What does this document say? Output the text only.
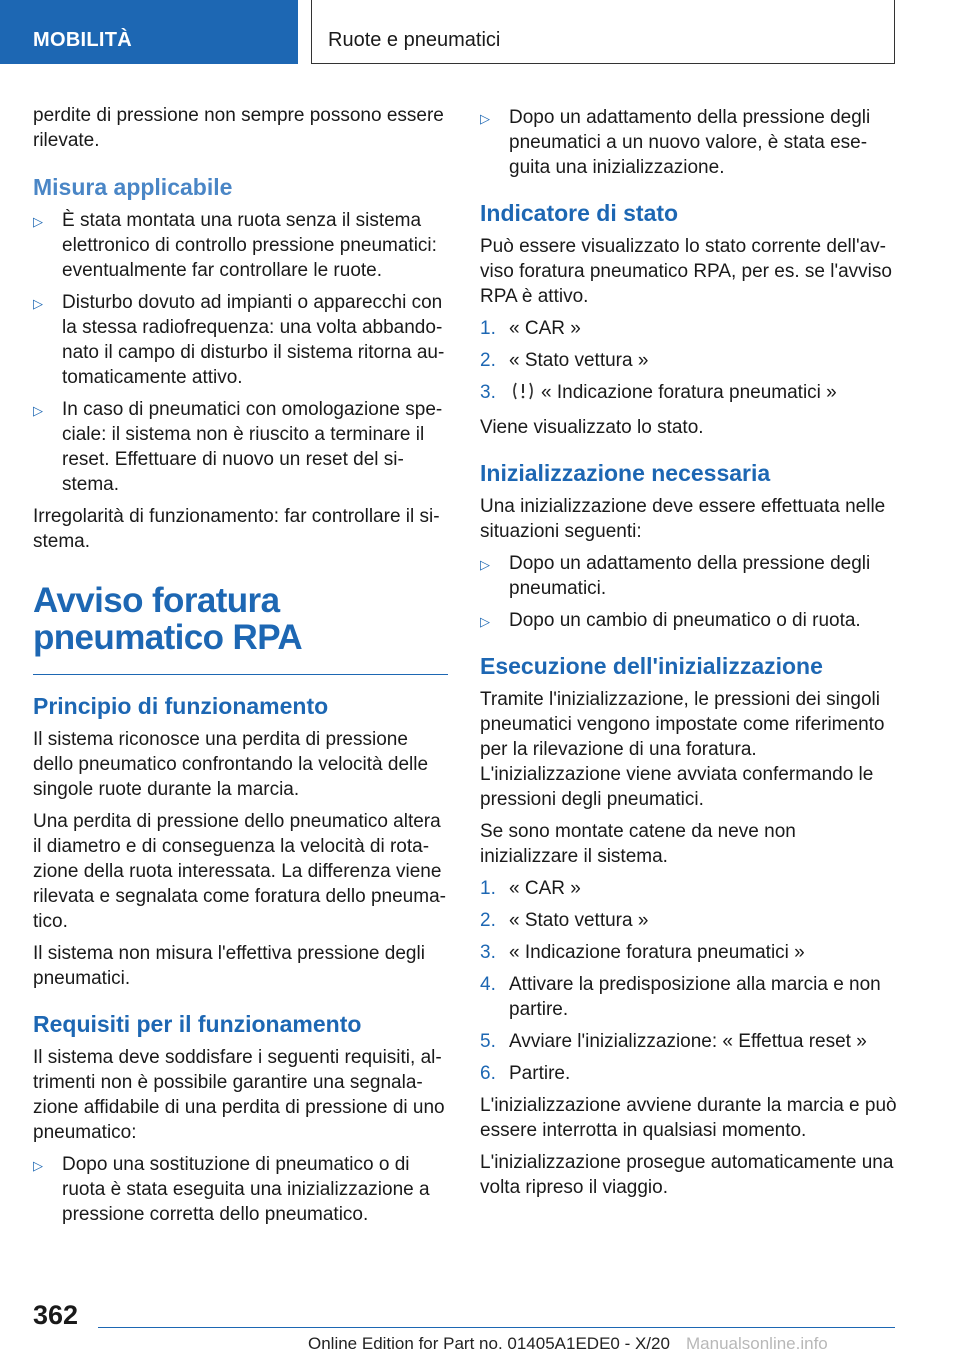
MOBILITÀ	Ruote e pneumatici

perdite di pressione non sempre possono essere rilevate.

Misura applicabile
▷ È stata montata una ruota senza il sistema elettronico di controllo pressione pneumatici: eventualmente far controllare le ruote.
▷ Disturbo dovuto ad impianti o apparecchi con la stessa radiofrequenza: una volta abbandonato il campo di disturbo il sistema ritorna automaticamente attivo.
▷ In caso di pneumatici con omologazione speciale: il sistema non è riuscito a terminare il reset. Effettuare di nuovo un reset del sistema.

Irregolarità di funzionamento: far controllare il sistema.

Avviso foratura pneumatico RPA
Principio di funzionamento

Il sistema riconosce una perdita di pressione dello pneumatico confrontando la velocità delle singole ruote durante la marcia.

Una perdita di pressione dello pneumatico altera il diametro e di conseguenza la velocità di rotazione della ruota interessata. La differenza viene rilevata e segnalata come foratura dello pneumatico.

Il sistema non misura l'effettiva pressione degli pneumatici.

Requisiti per il funzionamento

Il sistema deve soddisfare i seguenti requisiti, altrimenti non è possibile garantire una segnalazione affidabile di una perdita di pressione di uno pneumatico:

▷ Dopo una sostituzione di pneumatico o di ruota è stata eseguita una inizializzazione a pressione corretta dello pneumatico.
▷ Dopo un adattamento della pressione degli pneumatici a un nuovo valore, è stata eseguita una inizializzazione.
Indicatore di stato

Può essere visualizzato lo stato corrente dell'avviso foratura pneumatico RPA, per es. se l'avviso RPA è attivo.

1. « CAR »
2. « Stato vettura »
3. « Indicazione foratura pneumatici »

Viene visualizzato lo stato.

Inizializzazione necessaria

Una inizializzazione deve essere effettuata nelle situazioni seguenti:

▷ Dopo un adattamento della pressione degli pneumatici.
▷ Dopo un cambio di pneumatico o di ruota.
Esecuzione dell'inizializzazione

Tramite l'inizializzazione, le pressioni dei singoli pneumatici vengono impostate come riferimento per la rilevazione di una foratura. L'inizializzazione viene avviata confermando le pressioni degli pneumatici.

Se sono montate catene da neve non inizializzare il sistema.

1. « CAR »
2. « Stato vettura »
3. « Indicazione foratura pneumatici »
4. Attivare la predisposizione alla marcia e non partire.
5. Avviare l'inizializzazione: « Effettua reset »
6. Partire.

L'inizializzazione avviene durante la marcia e può essere interrotta in qualsiasi momento.

L'inizializzazione prosegue automaticamente una volta ripreso il viaggio.

362
Online Edition for Part no. 01405A1EDE0 - X/20 Manualsonline.info
